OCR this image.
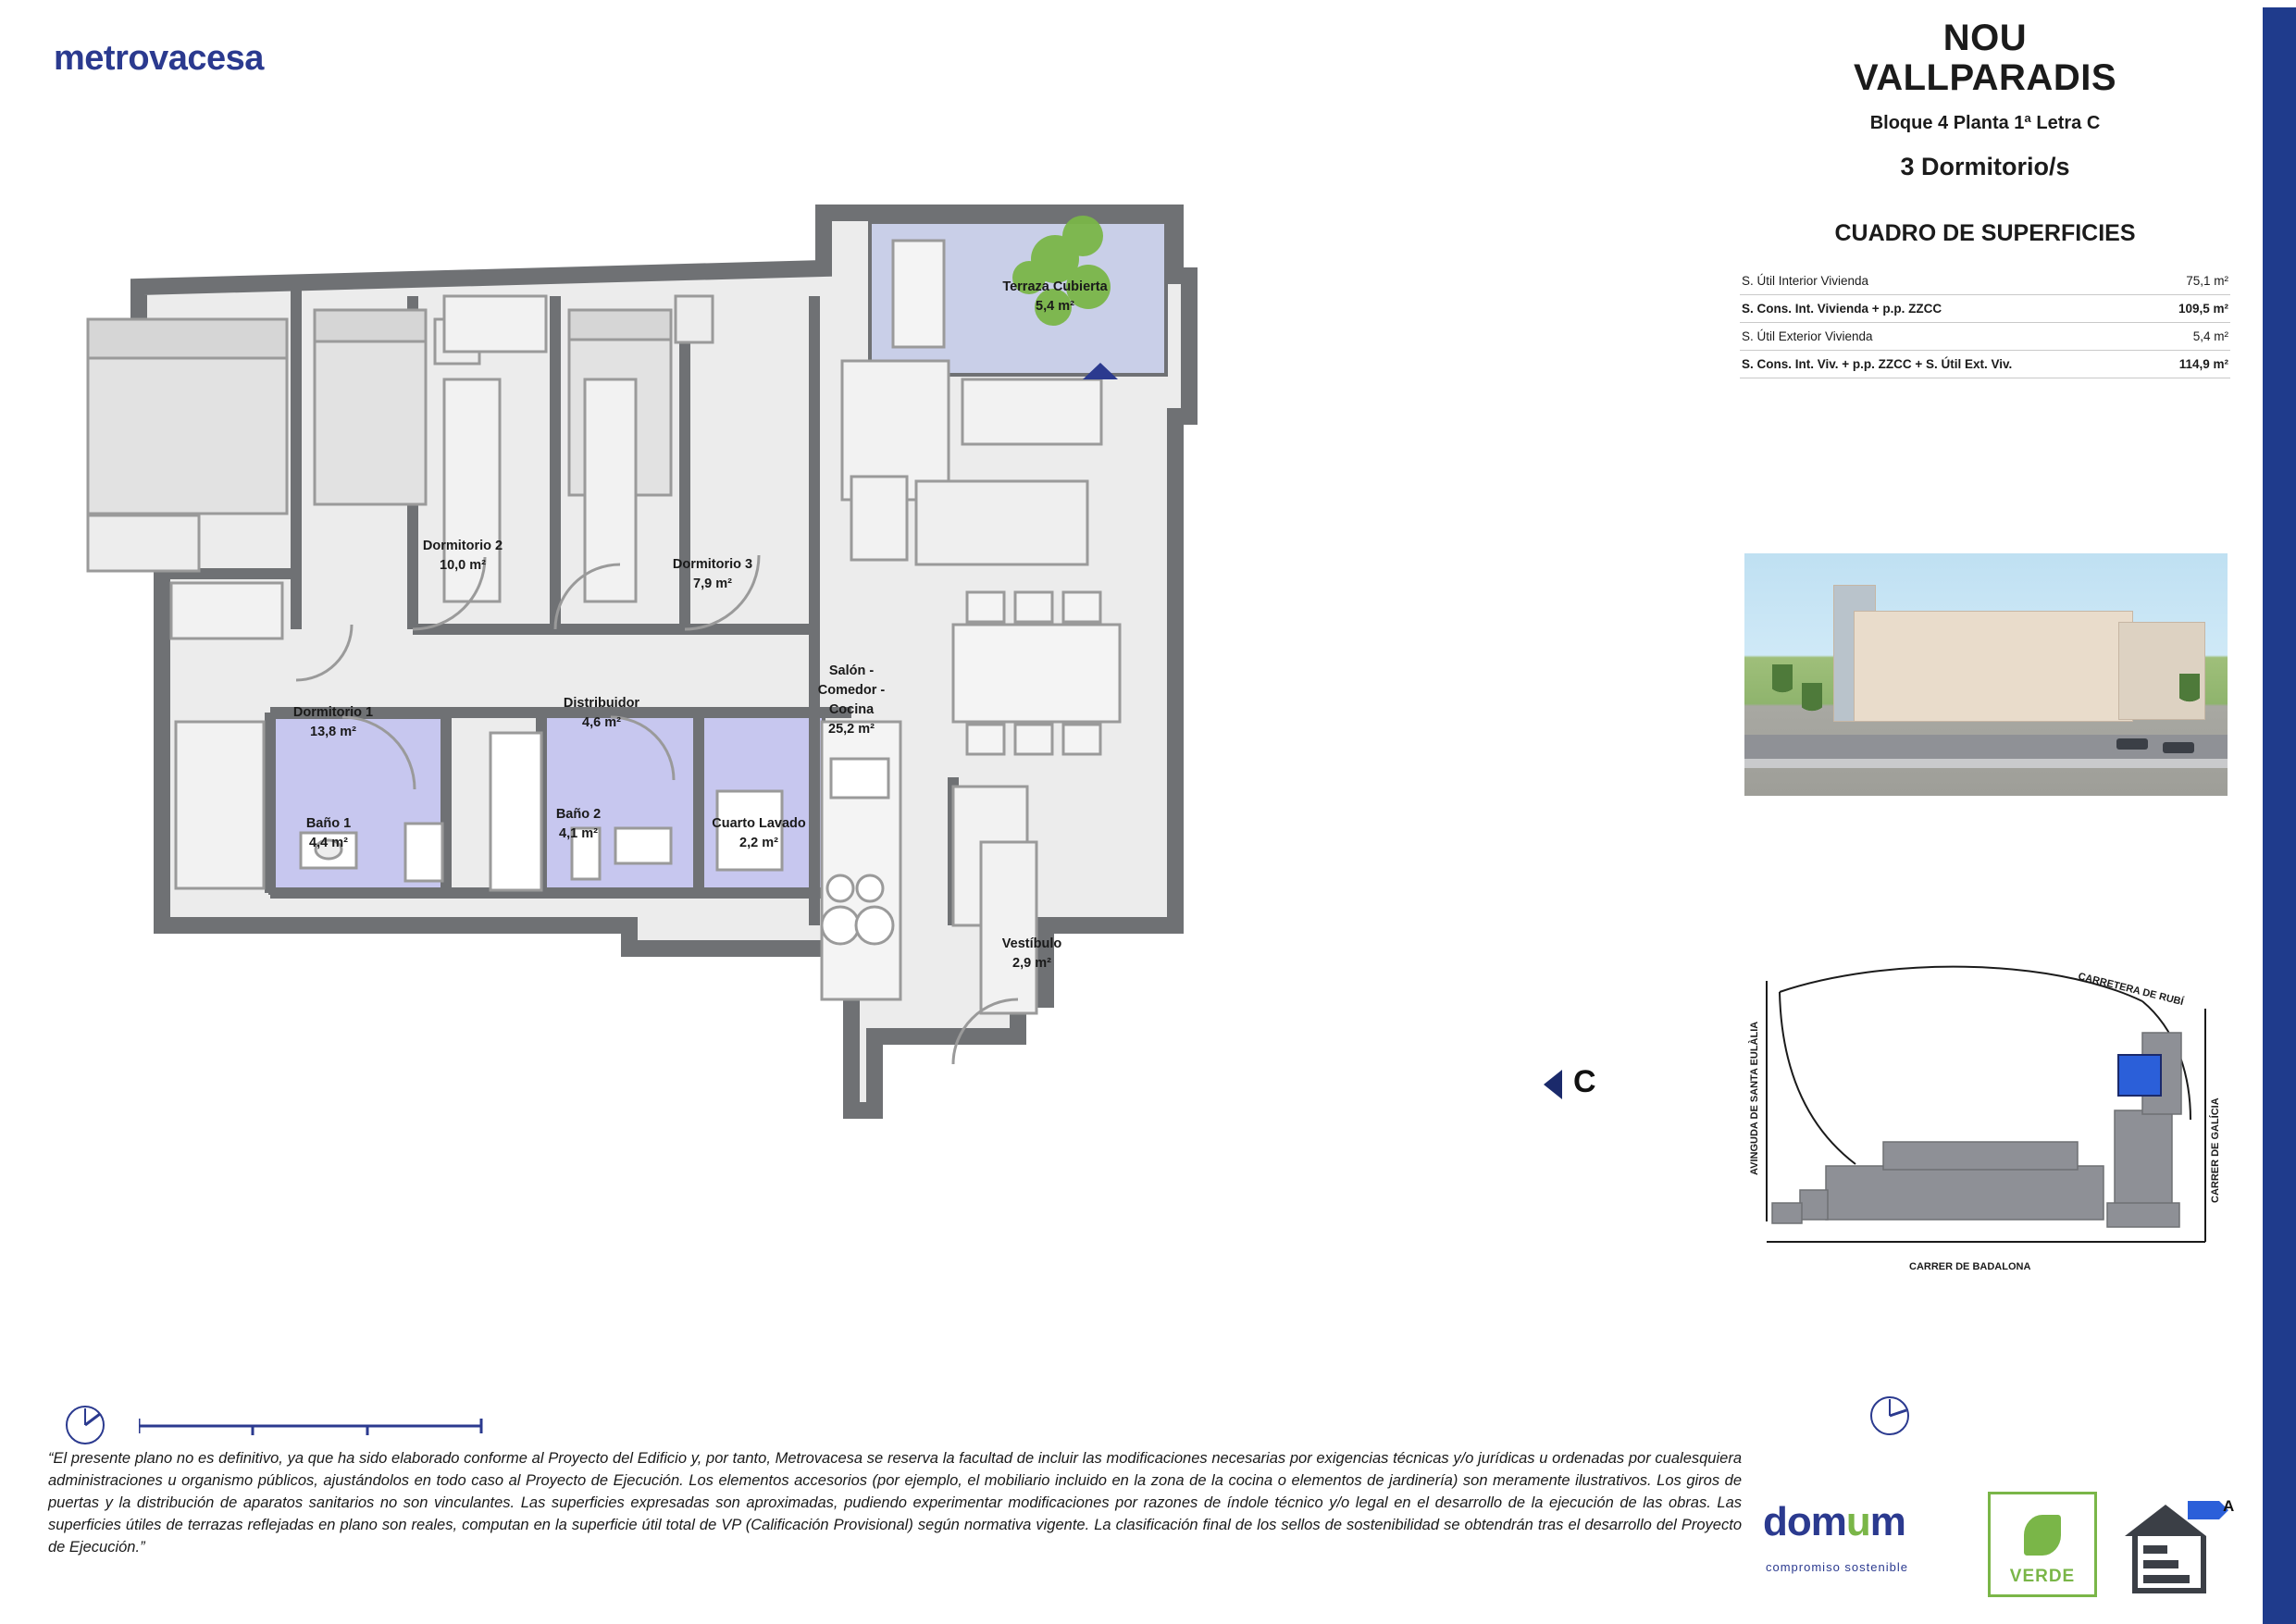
metrovacesa
Terraza Cubierta
5,4 m²
Dormitorio 2
10,0 m²	Dormitorio 3
7,9 m²
Dormitorio 1
13,8 m²
Distribuidor
4,6 m²
Salón -
Comedor -
Cocina
25,2 m²
Baño 1
4,4 m²
Baño 2
4,1 m²
Cuarto Lavado
2,2 m²
Vestíbulo
2,9 m²
C
NOU
VALLPARADIS
Bloque 4 Planta 1ª Letra C
3 Dormitorio/s
CUADRO DE SUPERFICIES
S. Útil Interior Vivienda	75,1 m²
S. Cons. Int. Vivienda + p.p. ZZCC	109,5 m²
S. Útil Exterior Vivienda	5,4 m²
S. Cons. Int. Viv. + p.p. ZZCC + S. Útil Ext. Viv.	114,9 m²
CARRETERA DE RUBÍ
AVINGUDA DE SANTA EULÀLIA	CARRER DE GALÍCIA
CARRER DE BADALONA
“El presente plano no es definitivo, ya que ha sido elaborado conforme al Proyecto del Edificio y, por tanto, Metrovacesa se reserva la facultad de incluir las modificaciones necesarias por exigencias técnicas y/o jurídicas u ordenadas por cualesquiera administraciones u organismo públicos, ajustándolos en todo caso al Proyecto de Ejecución. Los elementos accesorios (por ejemplo, el mobiliario incluido en la zona de la cocina o elementos de jardinería) son meramente ilustrativos. Los giros de puertas y la distribución de aparatos sanitarios no son vinculantes. Las superficies expresadas son aproximadas, pudiendo experimentar modificaciones por razones de índole técnico y/o legal en el desarrollo de la ejecución de las obras. Las superficies útiles de terrazas reflejadas en plano son reales, computan en la superficie útil total de VP (Calificación Provisional) según normativa vigente. La clasificación final de los sellos de sostenibilidad se obtendrán tras el desarrollo del Proyecto de Ejecución.”
domum
compromiso sostenible	VERDE
A
